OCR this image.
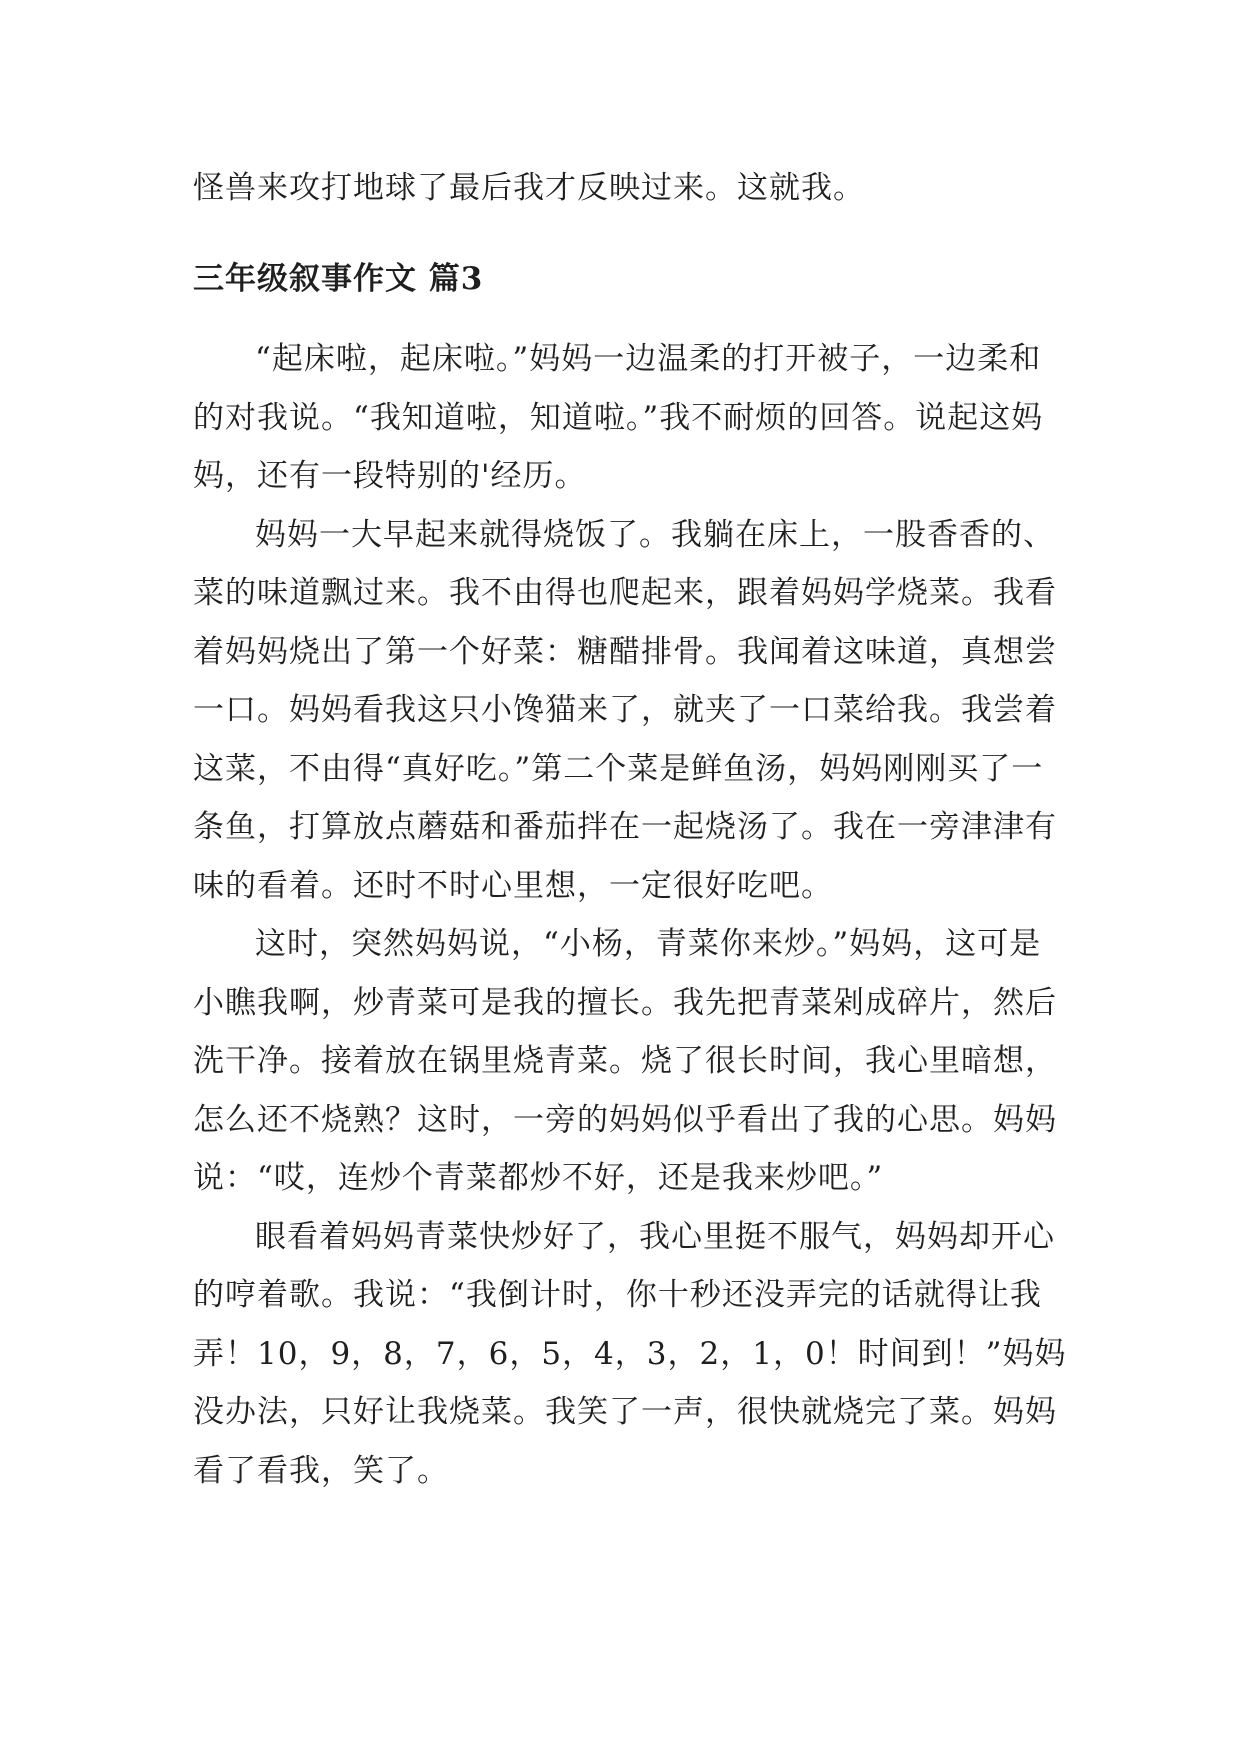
怪兽来攻打地球了最后我才反映过来。这就我。

三年级叙事作文 篇3

“起床啦，起床啦。”妈妈一边温柔的打开被子，一边柔和的对我说。“我知道啦，知道啦。”我不耐烦的回答。说起这妈妈，还有一段特别的'经历。

妈妈一大早起来就得烧饭了。我躺在床上，一股香香的、菜的味道飘过来。我不由得也爬起来，跟着妈妈学烧菜。我看着妈妈烧出了第一个好菜：糖醋排骨。我闻着这味道，真想尝一口。妈妈看我这只小馋猫来了，就夹了一口菜给我。我尝着这菜，不由得“真好吃。”第二个菜是鲜鱼汤，妈妈刚刚买了一条鱼，打算放点蘑菇和番茄拌在一起烧汤了。我在一旁津津有味的看着。还时不时心里想，一定很好吃吧。

这时，突然妈妈说，“小杨，青菜你来炒。”妈妈，这可是小瞧我啊，炒青菜可是我的擅长。我先把青菜剁成碎片，然后洗干净。接着放在锅里烧青菜。烧了很长时间，我心里暗想，怎么还不烧熟？这时，一旁的妈妈似乎看出了我的心思。妈妈说：“哎，连炒个青菜都炒不好，还是我来炒吧。”

眼看着妈妈青菜快炒好了，我心里挺不服气，妈妈却开心的哼着歌。我说：“我倒计时，你十秒还没弄完的话就得让我弄！10，9，8，7，6，5，4，3，2，1，0！时间到！”妈妈没办法，只好让我烧菜。我笑了一声，很快就烧完了菜。妈妈看了看我，笑了。
